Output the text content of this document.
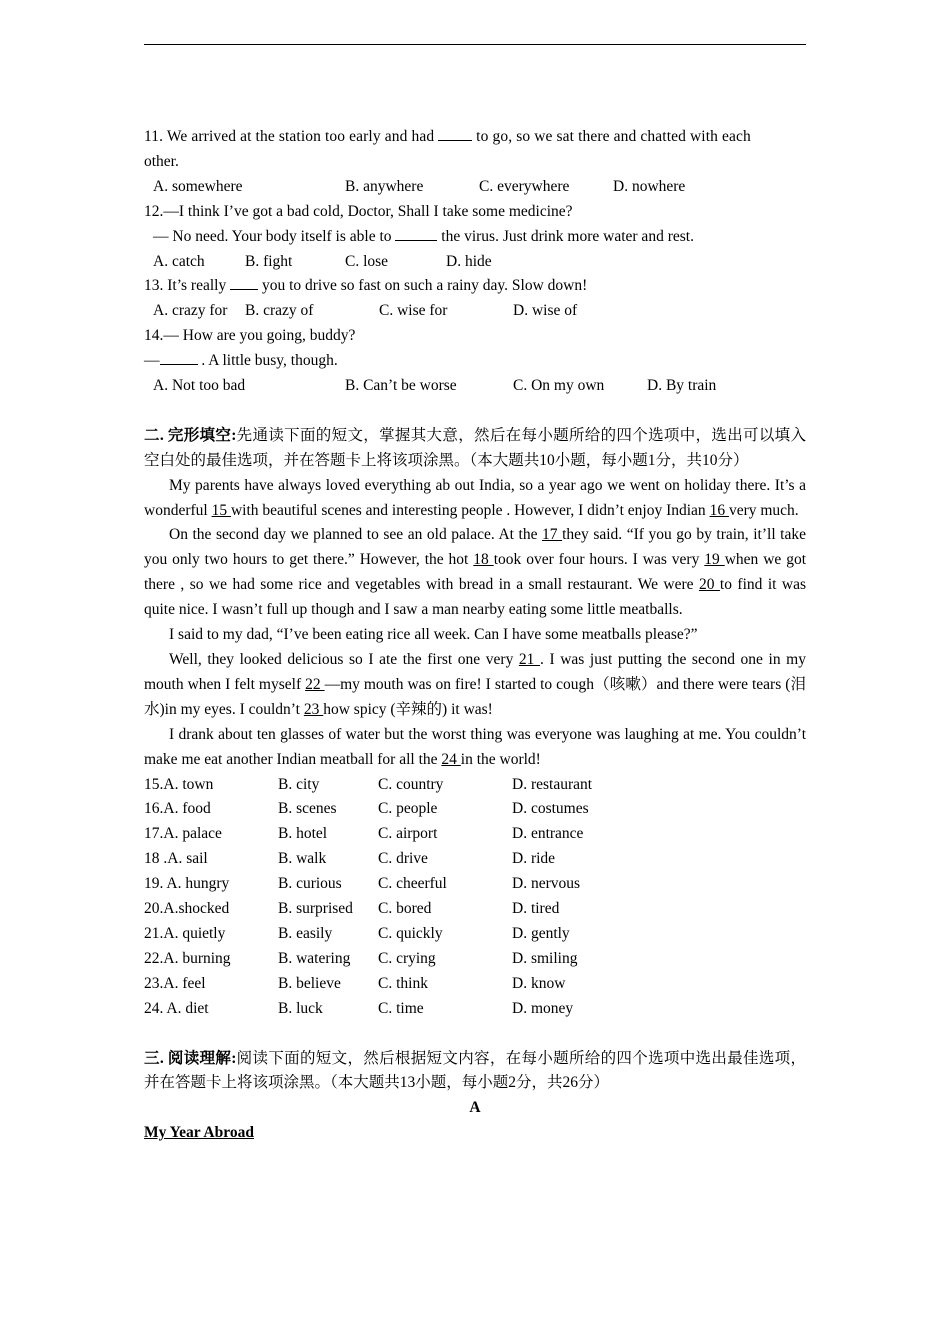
11. We arrived at the station too early and had  to go, so we sat there and chatted with each

other.

A. somewhere	B. anywhere	C. everywhere	D. nowhere

12.—I think I’ve got a bad cold, Doctor, Shall I take some medicine?

— No need. Your body itself is able to	the virus. Just drink more water and rest.

A. catch	B. fight	C. lose	D. hide

13. It’s really  you to drive so fast on such a rainy day. Slow down!

A. crazy for	B. crazy of	C. wise for	D. wise of

14.— How are you going, buddy?

— . A little busy, though.

A. Not too bad	B. Can’t be worse	C. On my own	D. By train

二. 完形填空:先通读下面的短文，掌握其大意，然后在每小题所给的四个选项中，选出可以填入空白处的最佳选项，并在答题卡上将该项涂黑。（本大题共10小题，每小题1分，共10分）

My parents have always loved everything ab out India, so a year ago we went on holiday there. It’s a wonderful 15 with beautiful scenes and interesting people . However, I didn’t enjoy Indian 16 very much.

On the second day we planned to see an old palace. At the 17 they said. “If you go by train, it’ll take you only two hours to get there.” However, the hot 18 took over four hours. I was very 19 when we got there , so we had some rice and vegetables with bread in a small restaurant. We were 20 to find it was quite nice. I wasn’t full up though and I saw a man nearby eating some little meatballs.

I said to my dad, “I’ve been eating rice all week. Can I have some meatballs please?”

Well, they looked delicious so I ate the first one very 21 . I was just putting the second one in my mouth when I felt myself 22 —my mouth was on fire! I started to cough（咳嗽）and there were tears (泪水)in my eyes. I couldn’t 23 how spicy (辛辣的) it was!

I drank about ten glasses of water but the worst thing was everyone was laughing at me. You couldn’t make me eat another Indian meatball for all the 24 in the world!

15.A. town	B. city	C. country	D. restaurant
16.A. food	B. scenes	C. people	D. costumes
17.A. palace	B. hotel	C. airport	D. entrance
18 .A. sail	B. walk	C. drive	D. ride
19. A. hungry	B. curious	C. cheerful	D. nervous
20.A.shocked	B. surprised	C. bored	D. tired
21.A. quietly	B. easily	C. quickly	D. gently
22.A. burning	B. watering	C. crying	D. smiling
23.A. feel	B. believe	C. think	D. know
24. A. diet	B. luck	C. time	D. money

三. 阅读理解:阅读下面的短文，然后根据短文内容，在每小题所给的四个选项中选出最佳选项，并在答题卡上将该项涂黑。（本大题共13小题，每小题2分，共26分）

A

My Year Abroad
